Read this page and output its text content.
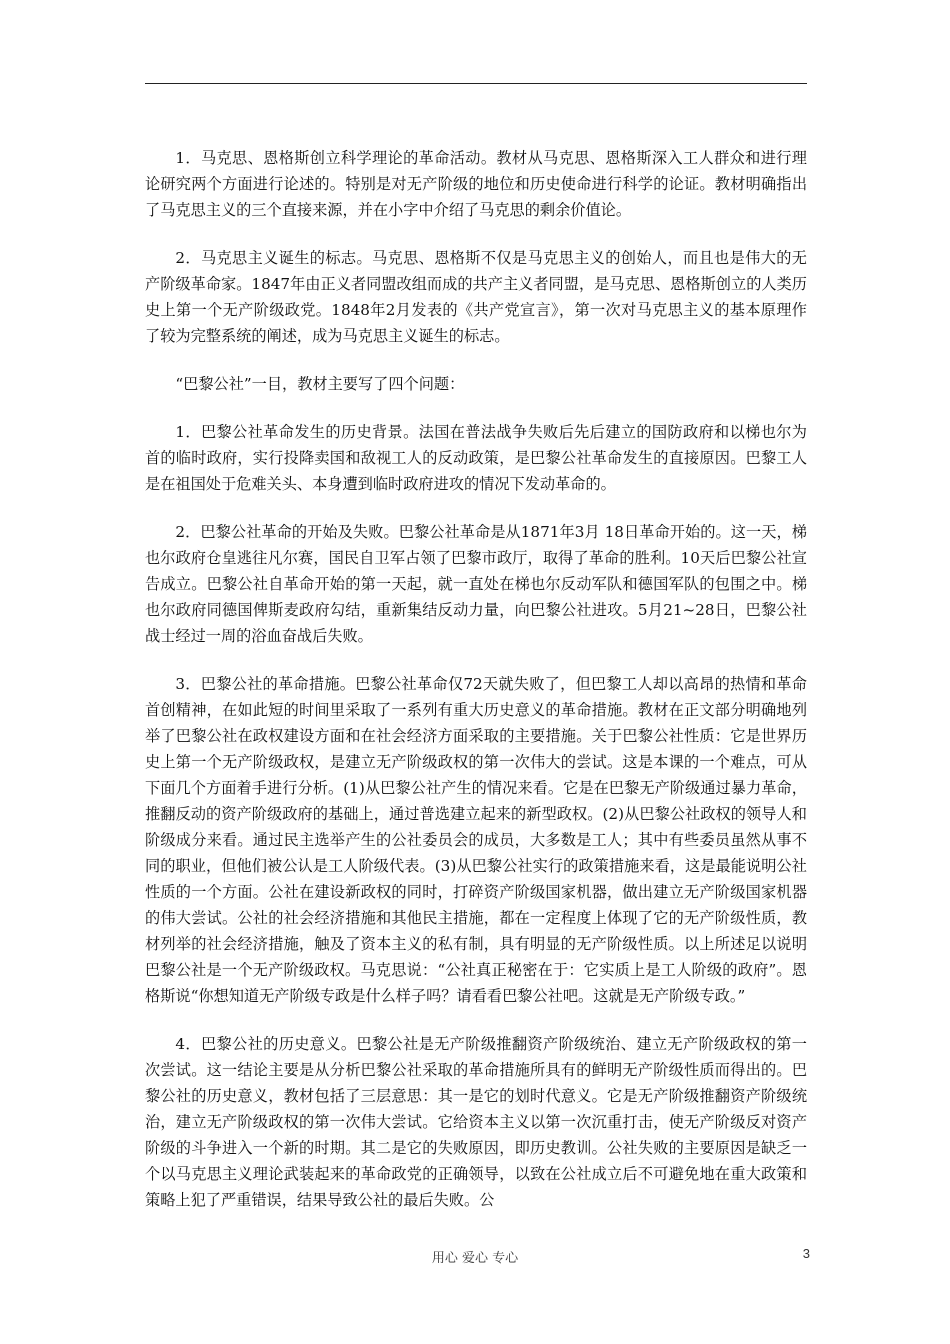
1．马克思、恩格斯创立科学理论的革命活动。教材从马克思、恩格斯深入工人群众和进行理论研究两个方面进行论述的。特别是对无产阶级的地位和历史使命进行科学的论证。教材明确指出了马克思主义的三个直接来源，并在小字中介绍了马克思的剩余价值论。

2．马克思主义诞生的标志。马克思、恩格斯不仅是马克思主义的创始人，而且也是伟大的无产阶级革命家。1847年由正义者同盟改组而成的共产主义者同盟，是马克思、恩格斯创立的人类历史上第一个无产阶级政党。1848年2月发表的《共产党宣言》，第一次对马克思主义的基本原理作了较为完整系统的阐述，成为马克思主义诞生的标志。

“巴黎公社”一目，教材主要写了四个问题：

1．巴黎公社革命发生的历史背景。法国在普法战争失败后先后建立的国防政府和以梯也尔为首的临时政府，实行投降卖国和敌视工人的反动政策，是巴黎公社革命发生的直接原因。巴黎工人是在祖国处于危难关头、本身遭到临时政府进攻的情况下发动革命的。

2．巴黎公社革命的开始及失败。巴黎公社革命是从1871年3月 18日革命开始的。这一天，梯也尔政府仓皇逃往凡尔赛，国民自卫军占领了巴黎市政厅，取得了革命的胜利。10天后巴黎公社宣告成立。巴黎公社自革命开始的第一天起，就一直处在梯也尔反动军队和德国军队的包围之中。梯也尔政府同德国俾斯麦政府勾结，重新集结反动力量，向巴黎公社进攻。5月21~28日，巴黎公社战士经过一周的浴血奋战后失败。

3．巴黎公社的革命措施。巴黎公社革命仅72天就失败了，但巴黎工人却以高昂的热情和革命首创精神，在如此短的时间里采取了一系列有重大历史意义的革命措施。教材在正文部分明确地列举了巴黎公社在政权建设方面和在社会经济方面采取的主要措施。关于巴黎公社性质：它是世界历史上第一个无产阶级政权，是建立无产阶级政权的第一次伟大的尝试。这是本课的一个难点，可从下面几个方面着手进行分析。(1)从巴黎公社产生的情况来看。它是在巴黎无产阶级通过暴力革命，推翻反动的资产阶级政府的基础上，通过普选建立起来的新型政权。(2)从巴黎公社政权的领导人和阶级成分来看。通过民主选举产生的公社委员会的成员，大多数是工人；其中有些委员虽然从事不同的职业，但他们被公认是工人阶级代表。(3)从巴黎公社实行的政策措施来看，这是最能说明公社性质的一个方面。公社在建设新政权的同时，打碎资产阶级国家机器，做出建立无产阶级国家机器的伟大尝试。公社的社会经济措施和其他民主措施，都在一定程度上体现了它的无产阶级性质，教材列举的社会经济措施，触及了资本主义的私有制，具有明显的无产阶级性质。以上所述足以说明巴黎公社是一个无产阶级政权。马克思说：“公社真正秘密在于：它实质上是工人阶级的政府”。恩格斯说“你想知道无产阶级专政是什么样子吗？请看看巴黎公社吧。这就是无产阶级专政。”

4．巴黎公社的历史意义。巴黎公社是无产阶级推翻资产阶级统治、建立无产阶级政权的第一次尝试。这一结论主要是从分析巴黎公社采取的革命措施所具有的鲜明无产阶级性质而得出的。巴黎公社的历史意义，教材包括了三层意思：其一是它的划时代意义。它是无产阶级推翻资产阶级统治，建立无产阶级政权的第一次伟大尝试。它给资本主义以第一次沉重打击，使无产阶级反对资产阶级的斗争进入一个新的时期。其二是它的失败原因，即历史教训。公社失败的主要原因是缺乏一个以马克思主义理论武装起来的革命政党的正确领导，以致在公社成立后不可避免地在重大政策和策略上犯了严重错误，结果导致公社的最后失败。公

用心 爱心 专心	3
